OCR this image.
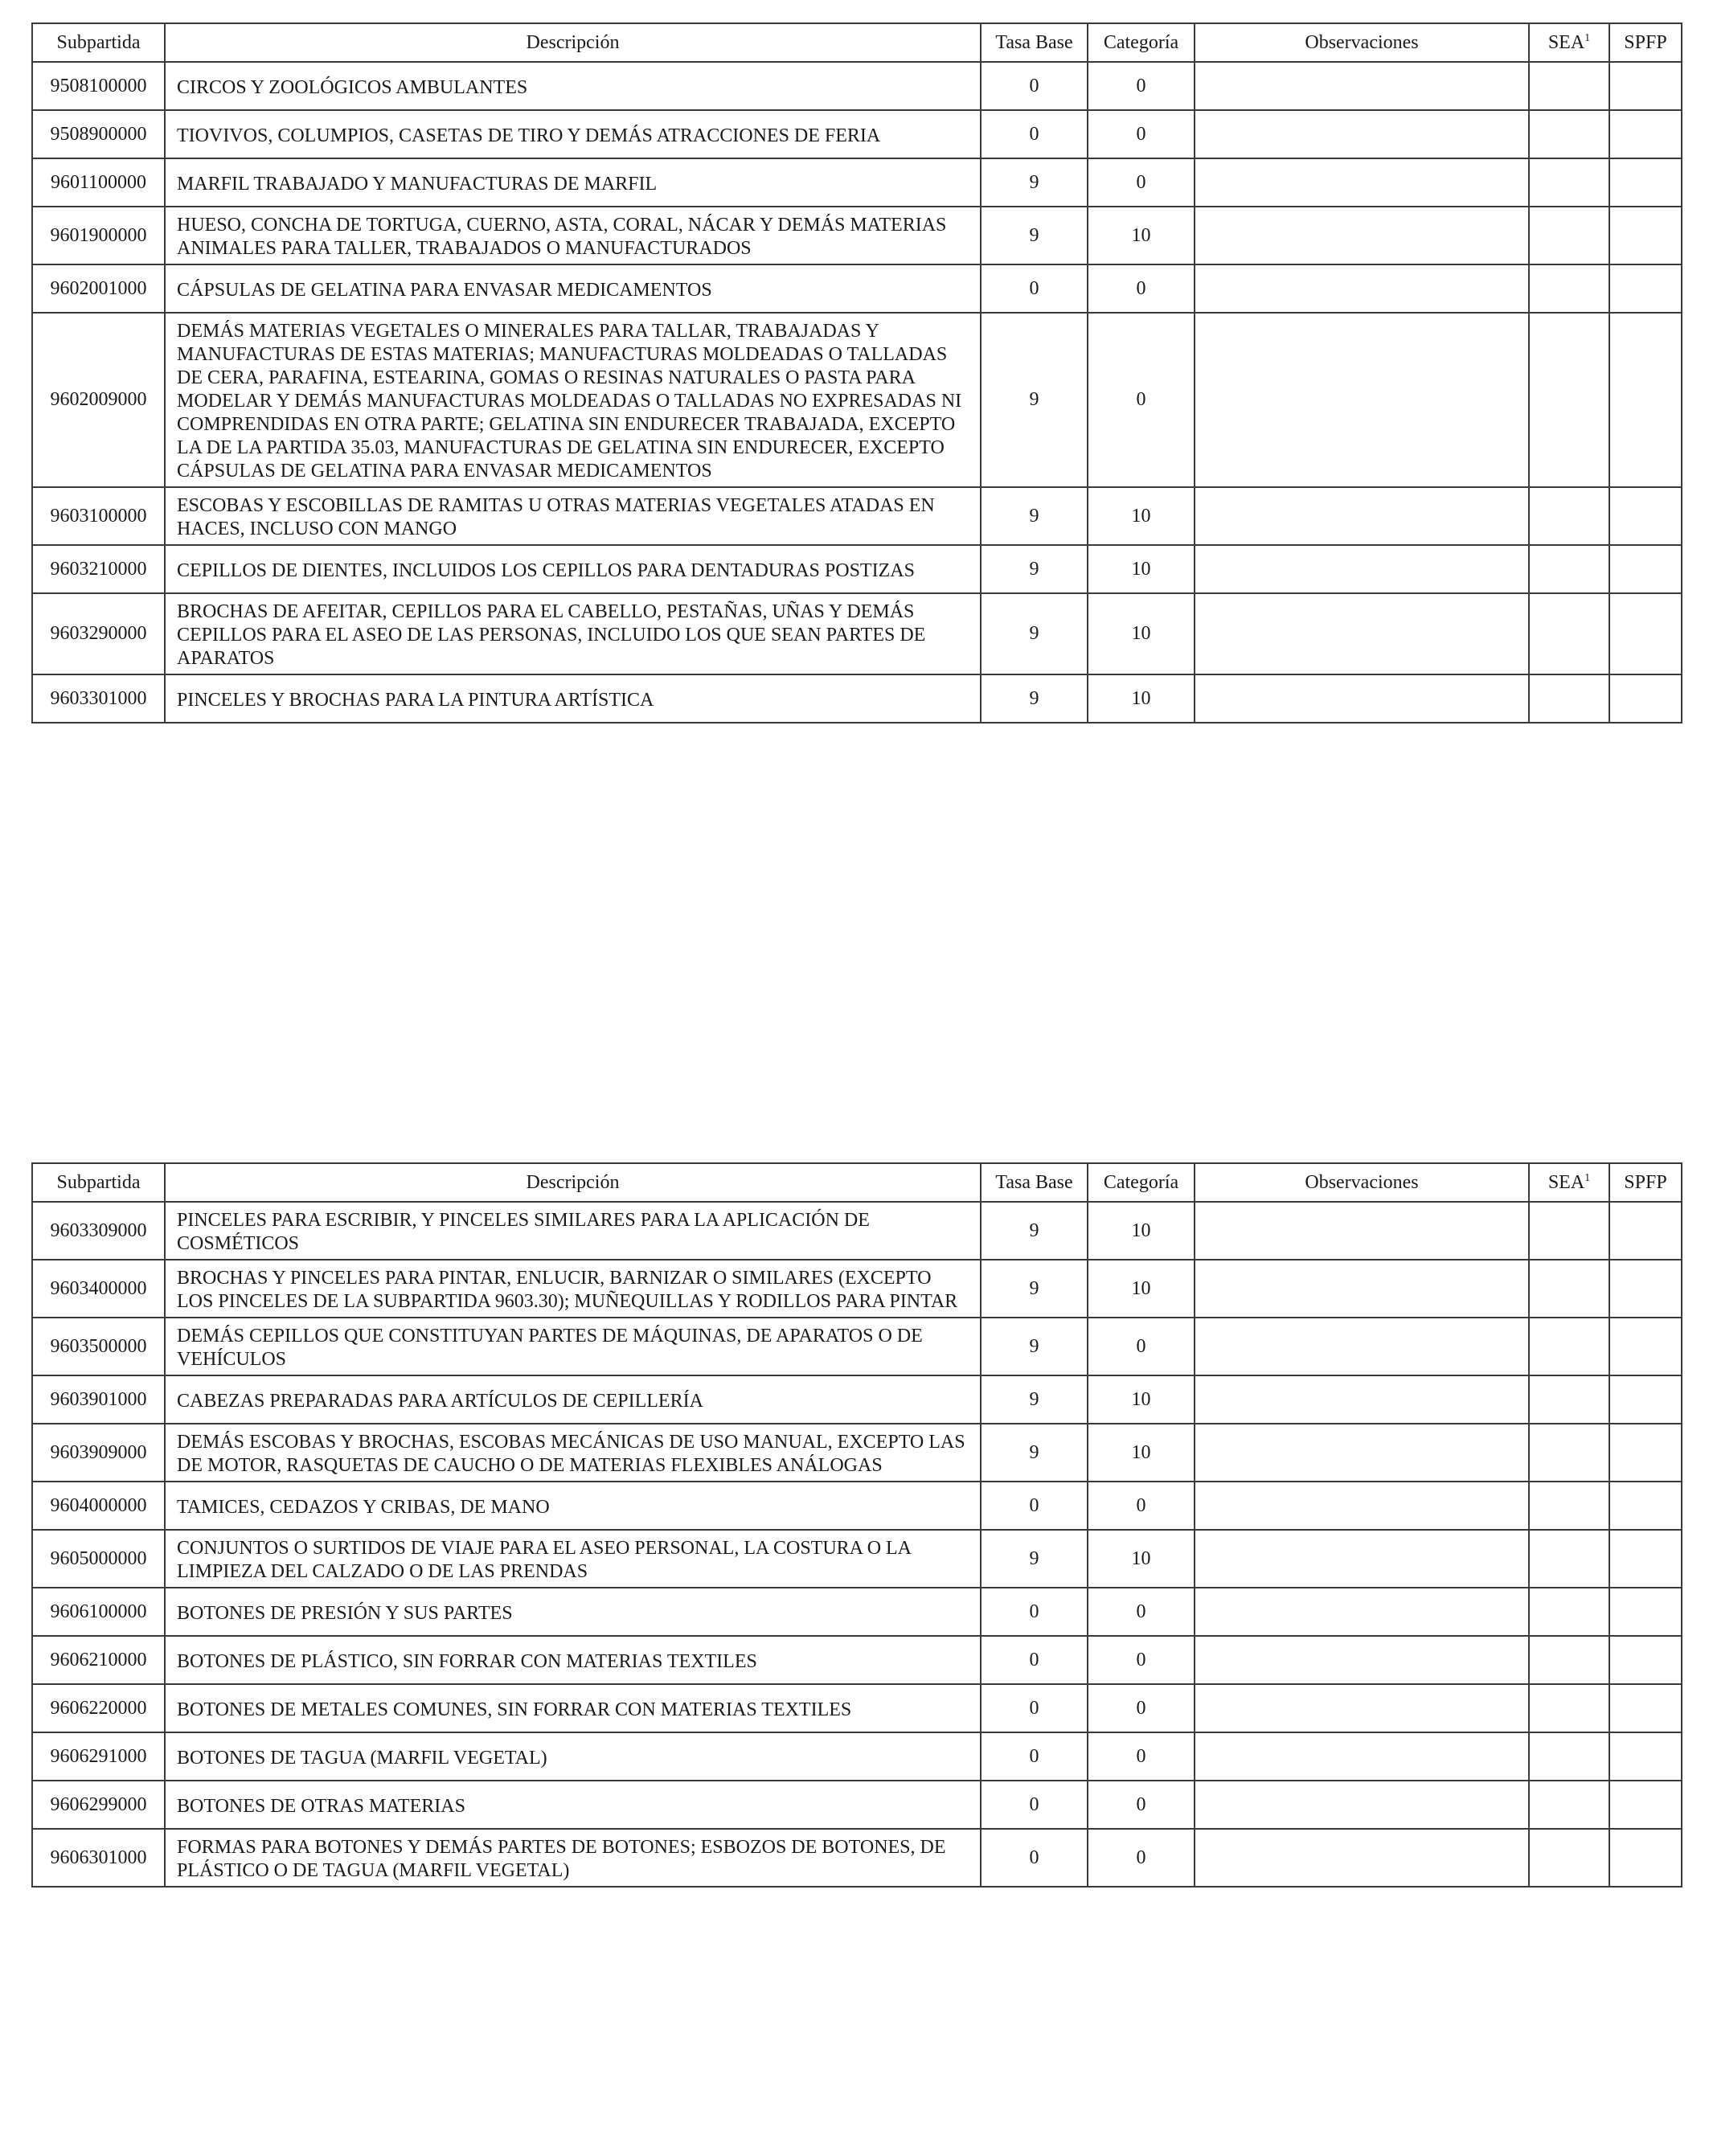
Subpartida	Descripción	Tasa Base	Categoría	Observaciones	SEA$^1$	SPFP
9508100000	CIRCOS Y ZOOLÓGICOS AMBULANTES	0	0			
9508900000	TIOVIVOS, COLUMPIOS, CASETAS DE TIRO Y DEMÁS ATRACCIONES DE FERIA	0	0			
9601100000	MARFIL TRABAJADO Y MANUFACTURAS DE MARFIL	9	0			
9601900000	HUESO, CONCHA DE TORTUGA, CUERNO, ASTA, CORAL, NÁCAR Y DEMÁS MATERIAS ANIMALES PARA TALLER, TRABAJADOS O MANUFACTURADOS	9	10			
9602001000	CÁPSULAS DE GELATINA PARA ENVASAR MEDICAMENTOS	0	0			
9602009000	DEMÁS MATERIAS VEGETALES O MINERALES PARA TALLAR, TRABAJADAS Y MANUFACTURAS DE ESTAS MATERIAS; MANUFACTURAS MOLDEADAS O TALLADAS DE CERA, PARAFINA, ESTEARINA, GOMAS O RESINAS NATURALES O PASTA PARA MODELAR Y DEMÁS MANUFACTURAS MOLDEADAS O TALLADAS NO EXPRESADAS NI COMPRENDIDAS EN OTRA PARTE; GELATINA SIN ENDURECER TRABAJADA, EXCEPTO LA DE LA PARTIDA 35.03, MANUFACTURAS DE GELATINA SIN ENDURECER, EXCEPTO CÁPSULAS DE GELATINA PARA ENVASAR MEDICAMENTOS	9	0			
9603100000	ESCOBAS Y ESCOBILLAS DE RAMITAS U OTRAS MATERIAS VEGETALES ATADAS EN HACES, INCLUSO CON MANGO	9	10			
9603210000	CEPILLOS DE DIENTES, INCLUIDOS LOS CEPILLOS PARA DENTADURAS POSTIZAS	9	10			
9603290000	BROCHAS DE AFEITAR, CEPILLOS PARA EL CABELLO, PESTAÑAS, UÑAS Y DEMÁS CEPILLOS PARA EL ASEO DE LAS PERSONAS, INCLUIDO LOS QUE SEAN PARTES DE APARATOS	9	10			
9603301000	PINCELES Y BROCHAS PARA LA PINTURA ARTÍSTICA	9	10			
Subpartida	Descripción	Tasa Base	Categoría	Observaciones	SEA$^1$	SPFP
9603309000	PINCELES PARA ESCRIBIR, Y PINCELES SIMILARES PARA LA APLICACIÓN DE COSMÉTICOS	9	10			
9603400000	BROCHAS Y PINCELES PARA PINTAR, ENLUCIR, BARNIZAR O SIMILARES (EXCEPTO LOS PINCELES DE LA SUBPARTIDA 9603.30); MUÑEQUILLAS Y RODILLOS PARA PINTAR	9	10			
9603500000	DEMÁS CEPILLOS QUE CONSTITUYAN PARTES DE MÁQUINAS, DE APARATOS O DE VEHÍCULOS	9	0			
9603901000	CABEZAS PREPARADAS PARA ARTÍCULOS DE CEPILLERÍA	9	10			
9603909000	DEMÁS ESCOBAS Y BROCHAS, ESCOBAS MECÁNICAS DE USO MANUAL, EXCEPTO LAS DE MOTOR, RASQUETAS DE CAUCHO O DE MATERIAS FLEXIBLES ANÁLOGAS	9	10			
9604000000	TAMICES, CEDAZOS Y CRIBAS, DE MANO	0	0			
9605000000	CONJUNTOS O SURTIDOS DE VIAJE PARA EL ASEO PERSONAL, LA COSTURA O LA LIMPIEZA DEL CALZADO O DE LAS PRENDAS	9	10			
9606100000	BOTONES DE PRESIÓN Y SUS PARTES	0	0			
9606210000	BOTONES DE PLÁSTICO, SIN FORRAR CON MATERIAS TEXTILES	0	0			
9606220000	BOTONES DE METALES COMUNES, SIN FORRAR CON MATERIAS TEXTILES	0	0			
9606291000	BOTONES DE TAGUA (MARFIL VEGETAL)	0	0			
9606299000	BOTONES DE OTRAS MATERIAS	0	0			
9606301000	FORMAS PARA BOTONES Y DEMÁS PARTES DE BOTONES; ESBOZOS DE BOTONES, DE PLÁSTICO O DE TAGUA (MARFIL VEGETAL)	0	0			
